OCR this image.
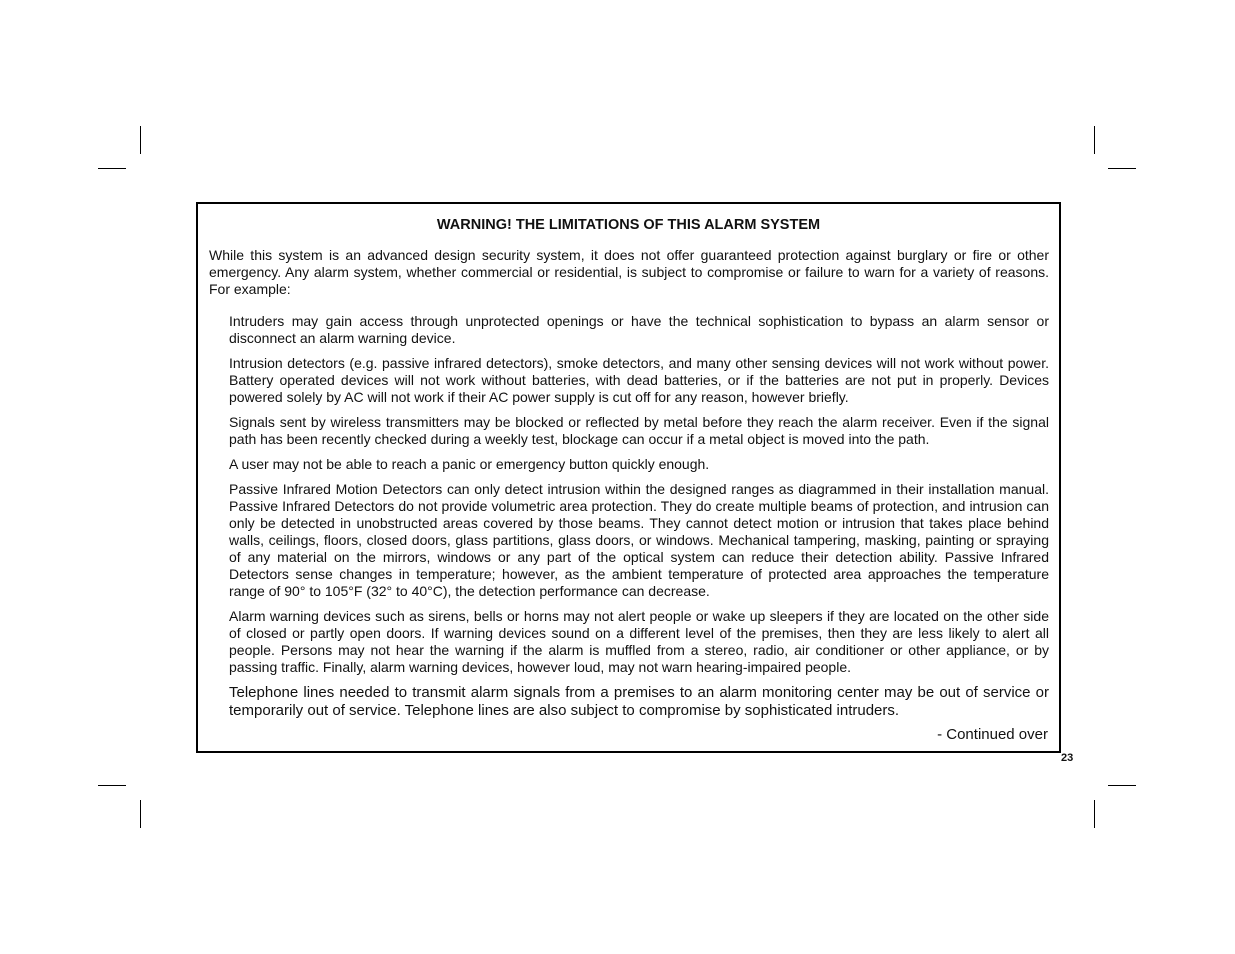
WARNING! THE LIMITATIONS OF THIS ALARM SYSTEM

While this system is an advanced design security system, it does not offer guaranteed protection against burglary or fire or other emergency. Any alarm system, whether commercial or residential, is subject to compromise or failure to warn for a variety of reasons. For example:

Intruders may gain access through unprotected openings or have the technical sophistication to bypass an alarm sensor or disconnect an alarm warning device.
Intrusion detectors (e.g. passive infrared detectors), smoke detectors, and many other sensing devices will not work without power. Battery operated devices will not work without batteries, with dead batteries, or if the batteries are not put in properly. Devices powered solely by AC will not work if their AC power supply is cut off for any reason, however briefly.
Signals sent by wireless transmitters may be blocked or reflected by metal before they reach the alarm receiver. Even if the signal path has been recently checked during a weekly test, blockage can occur if a metal object is moved into the path.
A user may not be able to reach a panic or emergency button quickly enough.
Passive Infrared Motion Detectors can only detect intrusion within the designed ranges as diagrammed in their installation manual. Passive Infrared Detectors do not provide volumetric area protection. They do create multiple beams of protection, and intrusion can only be detected in unobstructed areas covered by those beams. They cannot detect motion or intrusion that takes place behind walls, ceilings, floors, closed doors, glass partitions, glass doors, or windows. Mechanical tampering, masking, painting or spraying of any material on the mirrors, windows or any part of the optical system can reduce their detection ability. Passive Infrared Detectors sense changes in temperature; however, as the ambient temperature of protected area approaches the temperature range of 90° to 105°F (32° to 40°C), the detection performance can decrease.
Alarm warning devices such as sirens, bells or horns may not alert people or wake up sleepers if they are located on the other side of closed or partly open doors. If warning devices sound on a different level of the premises, then they are less likely to alert all people. Persons may not hear the warning if the alarm is muffled from a stereo, radio, air conditioner or other appliance, or by passing traffic. Finally, alarm warning devices, however loud, may not warn hearing-impaired people.
Telephone lines needed to transmit alarm signals from a premises to an alarm monitoring center may be out of service or temporarily out of service. Telephone lines are also subject to compromise by sophisticated intruders.

- Continued over

23
